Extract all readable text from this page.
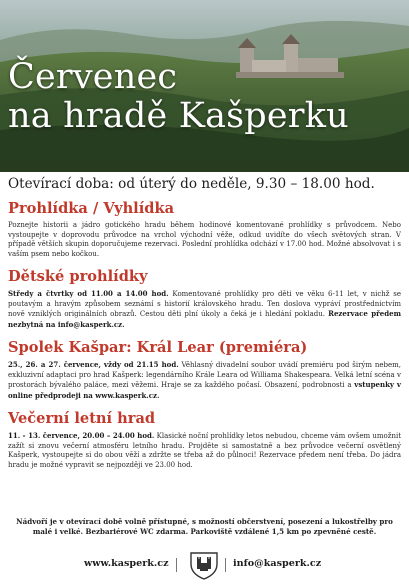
Červenec
na hradě Kašperku

Otevírací doba: od úterý do neděle, 9.30 – 18.00 hod.

Prohlídka / Vyhlídka

Poznejte historii a jádro gotického hradu během hodinové komentované prohlídky s průvodcem. Nebo vystoupejte v doprovodu průvodce na vrchol východní věže, odkud uvidíte do všech světových stran. V případě větších skupin doporučujeme rezervaci. Poslední prohlídka odchází v 17.00 hod. Možné absolvovat i s vaším psem nebo kočkou.

Dětské prohlídky

Středy a čtvrtky od 11.00 a 14.00 hod. Komentované prohlídky pro děti ve věku 6-11 let, v nichž se poutavým a hravým způsobem seznámí s historií královského hradu. Ten doslova vypráví prostřednictvím nově vzniklých originálních obrazů. Cestou děti plní úkoly a čeká je i hledání pokladu. Rezervace předem nezbytná na info@kasperk.cz.

Spolek Kašpar: Král Lear (premiéra)

25., 26. a 27. července, vždy od 21.15 hod. Věhlasný divadelní soubor uvádí premiéru pod širým nebem, exkluzivní adaptaci pro hrad Kašperk: legendárního Krále Leara od Williama Shakespeara. Velká letní scéna v prostorách bývalého paláce, mezi věžemi. Hraje se za každého počasí. Obsazení, podrobnosti a vstupenky v online předprodeji na www.kasperk.cz.

Večerní letní hrad

11. - 13. července, 20.00 – 24.00 hod. Klasické noční prohlídky letos nebudou, chceme vám ovšem umožnit zažít si znovu večerní atmosféru letního hradu. Projděte si samostatně a bez průvodce večerní osvětlený Kašperk, vystoupejte si do obou věží a zdržte se třeba až do půlnoci! Rezervace předem není třeba. Do jádra hradu je možné vypravit se nejpozději ve 23.00 hod.

Nádvoří je v otevírací době volně přístupné, s možností občerstvení, posezení a lukostřelby pro malé i velké. Bezbariérové WC zdarma. Parkoviště vzdálené 1,5 km po zpevněné cestě.

www.kasperk.cz	info@kasperk.cz
